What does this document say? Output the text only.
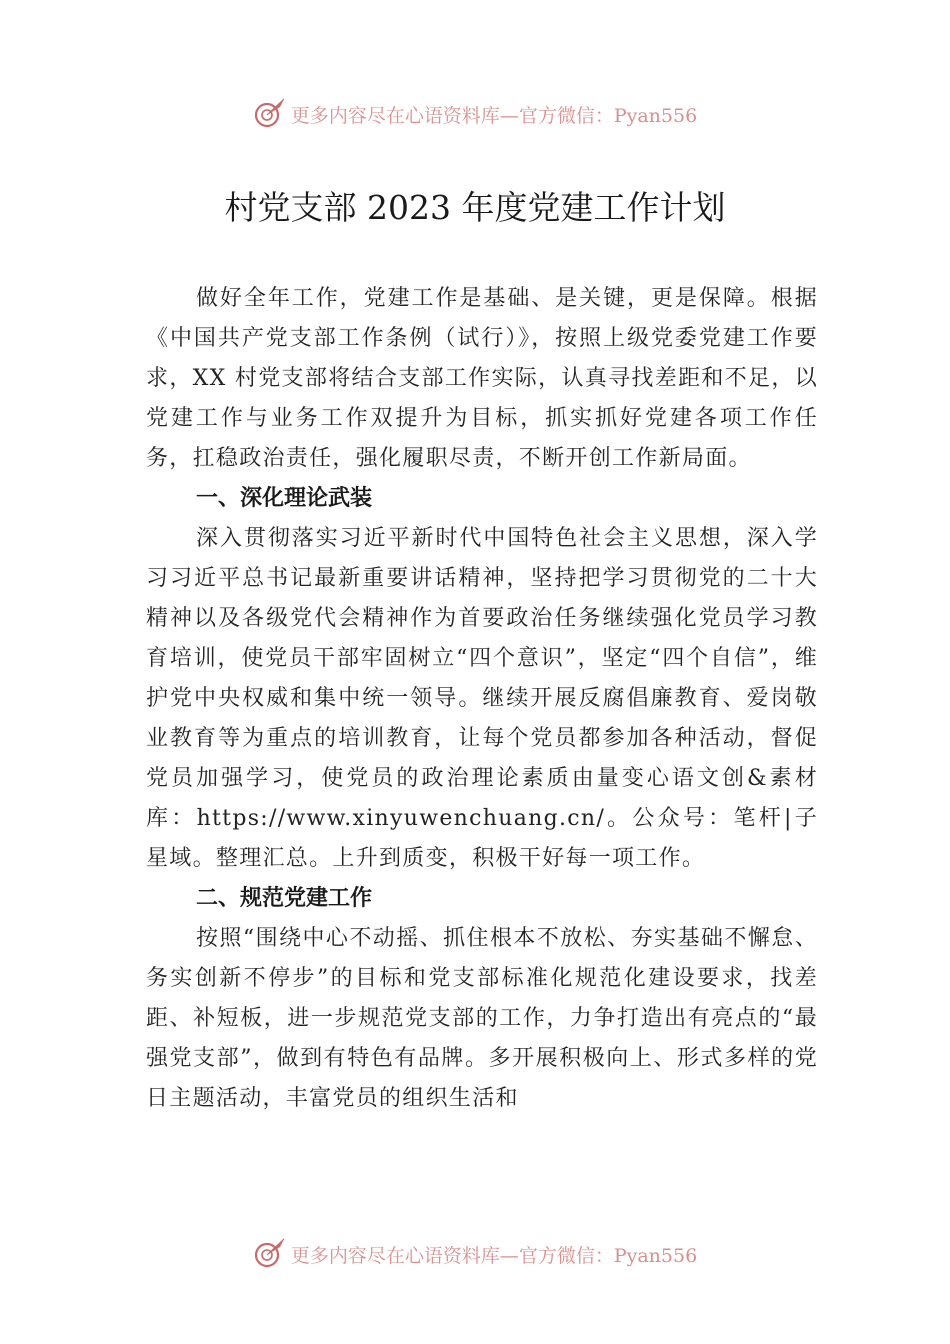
更多内容尽在心语资料库—官方微信：Pyan556
村党支部 2023 年度党建工作计划

做好全年工作，党建工作是基础、是关键，更是保障。根据《中国共产党支部工作条例（试行）》，按照上级党委党建工作要求，XX 村党支部将结合支部工作实际，认真寻找差距和不足，以党建工作与业务工作双提升为目标，抓实抓好党建各项工作任务，扛稳政治责任，强化履职尽责，不断开创工作新局面。

一、深化理论武装

深入贯彻落实习近平新时代中国特色社会主义思想，深入学习习近平总书记最新重要讲话精神，坚持把学习贯彻党的二十大精神以及各级党代会精神作为首要政治任务继续强化党员学习教育培训，使党员干部牢固树立“四个意识”，坚定“四个自信”，维护党中央权威和集中统一领导。继续开展反腐倡廉教育、爱岗敬业教育等为重点的培训教育，让每个党员都参加各种活动，督促党员加强学习，使党员的政治理论素质由量变心语文创&素材库：https://www.xinyuwenchuang.cn/。公众号：笔杆|子星域。整理汇总。上升到质变，积极干好每一项工作。

二、规范党建工作

按照“围绕中心不动摇、抓住根本不放松、夯实基础不懈怠、务实创新不停步”的目标和党支部标准化规范化建设要求，找差距、补短板，进一步规范党支部的工作，力争打造出有亮点的“最强党支部”，做到有特色有品牌。多开展积极向上、形式多样的党日主题活动，丰富党员的组织生活和

更多内容尽在心语资料库—官方微信：Pyan556
